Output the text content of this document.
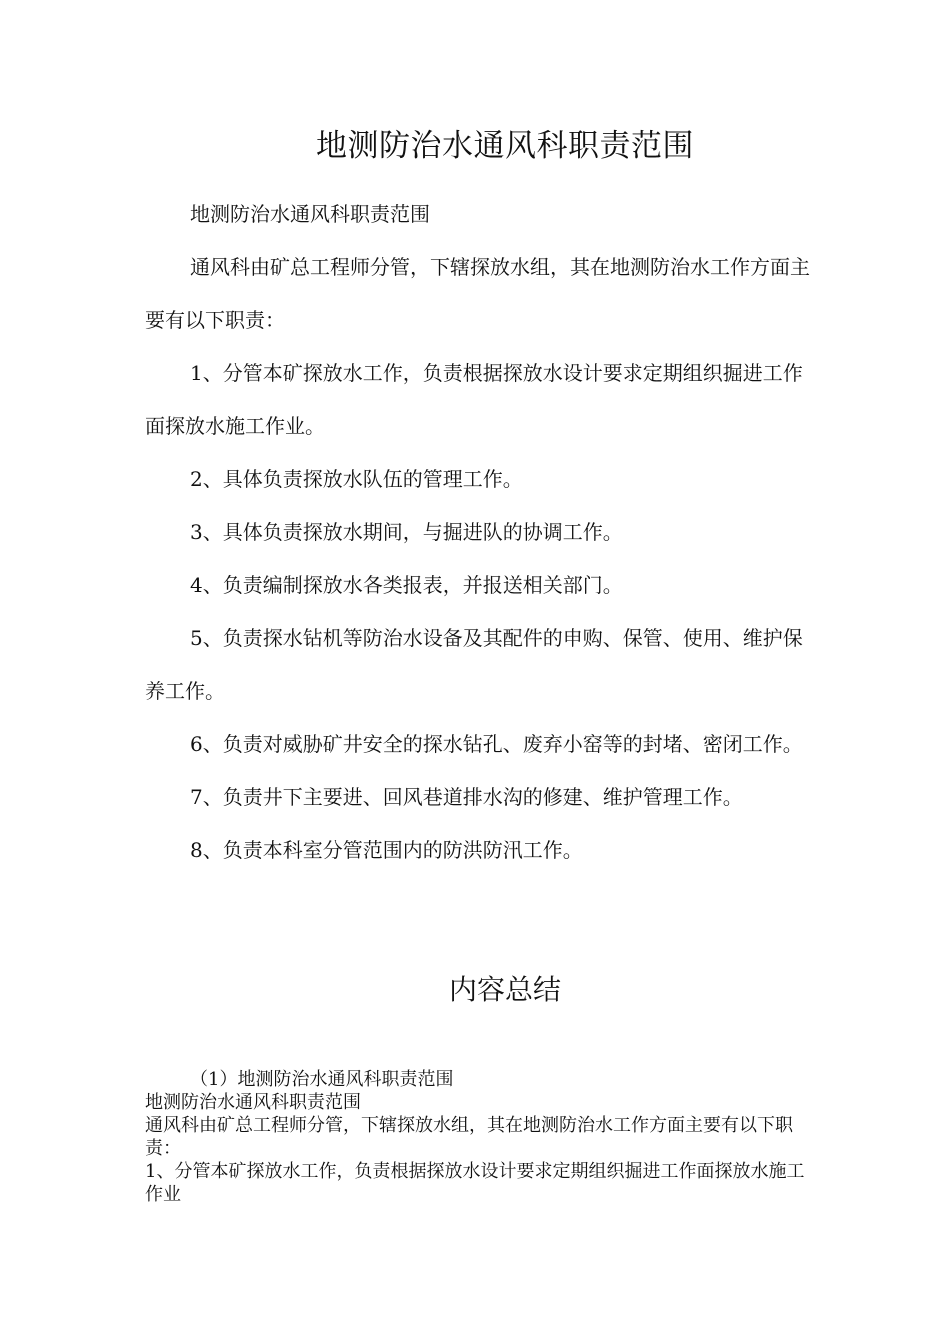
地测防治水通风科职责范围

地测防治水通风科职责范围

通风科由矿总工程师分管，下辖探放水组，其在地测防治水工作方面主要有以下职责：

1、分管本矿探放水工作，负责根据探放水设计要求定期组织掘进工作面探放水施工作业。

2、具体负责探放水队伍的管理工作。

3、具体负责探放水期间，与掘进队的协调工作。

4、负责编制探放水各类报表，并报送相关部门。

5、负责探水钻机等防治水设备及其配件的申购、保管、使用、维护保养工作。

6、负责对威胁矿井安全的探水钻孔、废弃小窑等的封堵、密闭工作。

7、负责井下主要进、回风巷道排水沟的修建、维护管理工作。

8、负责本科室分管范围内的防洪防汛工作。

内容总结

（1）地测防治水通风科职责范围

地测防治水通风科职责范围

通风科由矿总工程师分管，下辖探放水组，其在地测防治水工作方面主要有以下职责：

1、分管本矿探放水工作，负责根据探放水设计要求定期组织掘进工作面探放水施工作业
